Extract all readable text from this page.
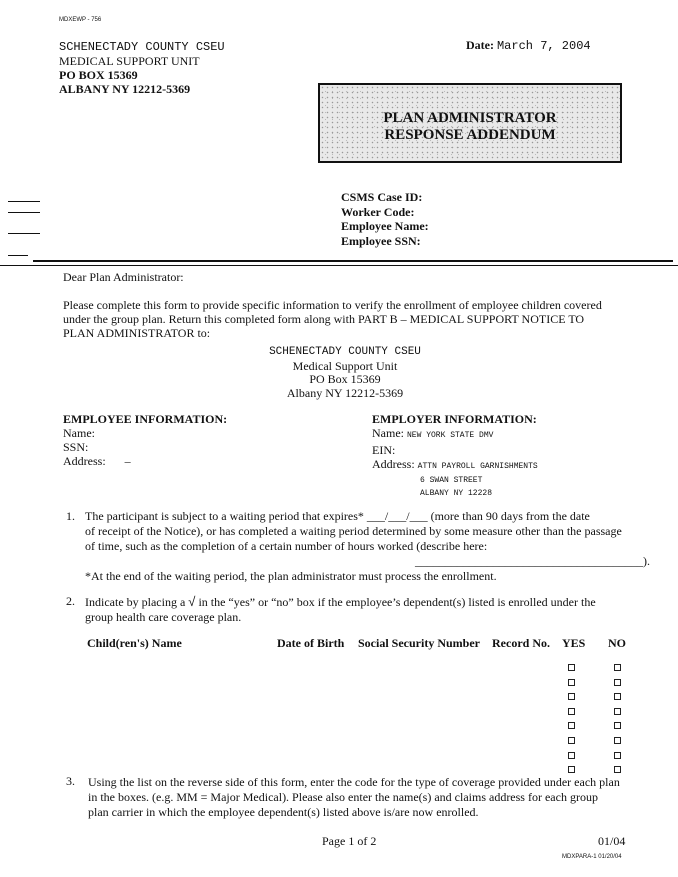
MDXEWP - 756
SCHENECTADY COUNTY CSEU
MEDICAL SUPPORT UNIT
PO BOX 15369
ALBANY NY 12212-5369
Date: March 7, 2004
PLAN ADMINISTRATOR
RESPONSE ADDENDUM
CSMS Case ID:
Worker Code:
Employee Name:
Employee SSN:
Dear Plan Administrator:
Please complete this form to provide specific information to verify the enrollment of employee children covered
under the group plan. Return this completed form along with PART B – MEDICAL SUPPORT NOTICE TO
PLAN ADMINISTRATOR to:
SCHENECTADY COUNTY CSEU
Medical Support Unit
PO Box 15369
Albany NY 12212-5369
EMPLOYEE INFORMATION:
Name:
SSN:
Address: –
EMPLOYER INFORMATION:
Name: NEW YORK STATE DMV
EIN:
Address: ATTN PAYROLL GARNISHMENTS
6 SWAN STREET
ALBANY NY 12228
1. The participant is subject to a waiting period that expires* ___/___/___ (more than 90 days from the date
of receipt of the Notice), or has completed a waiting period determined by some measure other than the passage
of time, such as the completion of a certain number of hours worked (describe here:
______________________________________).
*At the end of the waiting period, the plan administrator must process the enrollment.
2. Indicate by placing a √ in the “yes” or “no” box if the employee’s dependent(s) listed is enrolled under the
group health care coverage plan.
Child(ren's) Name	Date of Birth Social Security Number Record No. YES NO
3. Using the list on the reverse side of this form, enter the code for the type of coverage provided under each plan
in the boxes. (e.g. MM = Major Medical). Please also enter the name(s) and claims address for each group
plan carrier in which the employee dependent(s) listed above is/are now enrolled.
Page 1 of 2	01/04
MDXPARA-1 01/20/04
